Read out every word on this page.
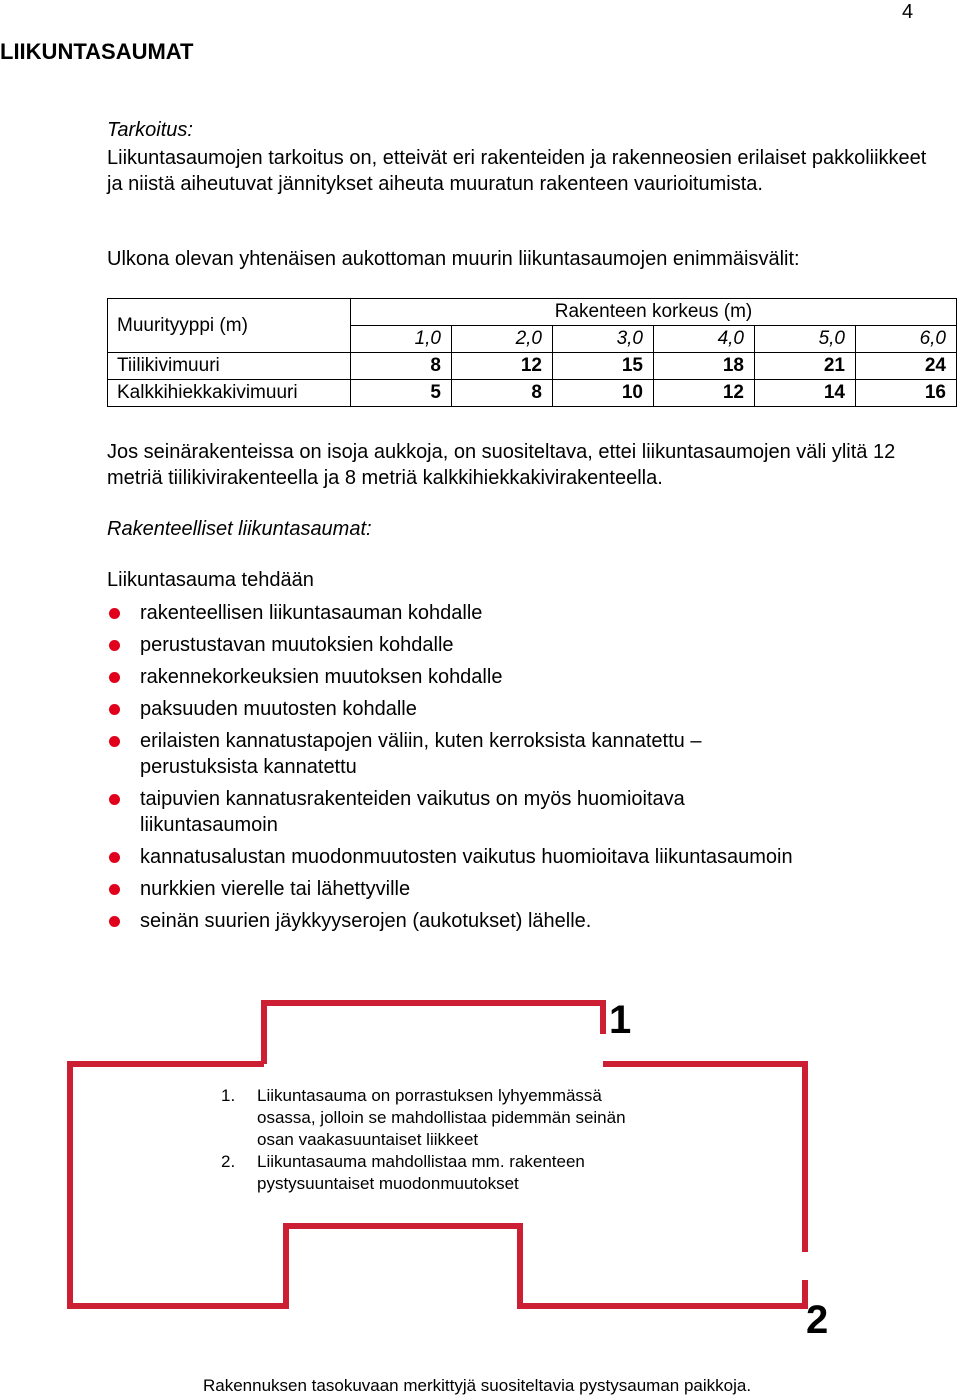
4
LIIKUNTASAUMAT
Tarkoitus:
Liikuntasaumojen tarkoitus on, etteivät eri rakenteiden ja rakenneosien erilaiset pakkoliikkeet ja niistä aiheutuvat jännitykset aiheuta muuratun rakenteen vaurioitumista.
Ulkona olevan yhtenäisen aukottoman muurin liikuntasaumojen enimmäisvälit:
Muurityyppi (m)	Rakenteen korkeus (m)					
	1,0	2,0	3,0	4,0	5,0	6,0
Tiilikivimuuri	8	12	15	18	21	24
Kalkkihiekkakivimuuri	5	8	10	12	14	16
Jos seinärakenteissa on isoja aukkoja, on suositeltava, ettei liikuntasaumojen väli ylitä 12 metriä tiilikivirakenteella ja 8 metriä kalkkihiekkakivirakenteella.
Rakenteelliset liikuntasaumat:
Liikuntasauma tehdään
rakenteellisen liikuntasauman kohdalle
perustustavan muutoksien kohdalle
rakennekorkeuksien muutoksen kohdalle
paksuuden muutosten kohdalle
erilaisten kannatustapojen väliin, kuten kerroksista kannatettu – perustuksista kannatettu
taipuvien kannatusrakenteiden vaikutus on myös huomioitava liikuntasaumoin
kannatusalustan muodonmuutosten vaikutus huomioitava liikuntasaumoin
nurkkien vierelle tai lähettyville
seinän suurien jäykkyyserojen (aukotukset) lähelle.
1
2
1.	Liikuntasauma on porrastuksen lyhyemmässä
osassa, jolloin se mahdollistaa pidemmän seinän
osan vaakasuuntaiset liikkeet
2.	Liikuntasauma mahdollistaa mm. rakenteen
pystysuuntaiset muodonmuutokset
Rakennuksen tasokuvaan merkittyjä suositeltavia pystysauman paikkoja.
